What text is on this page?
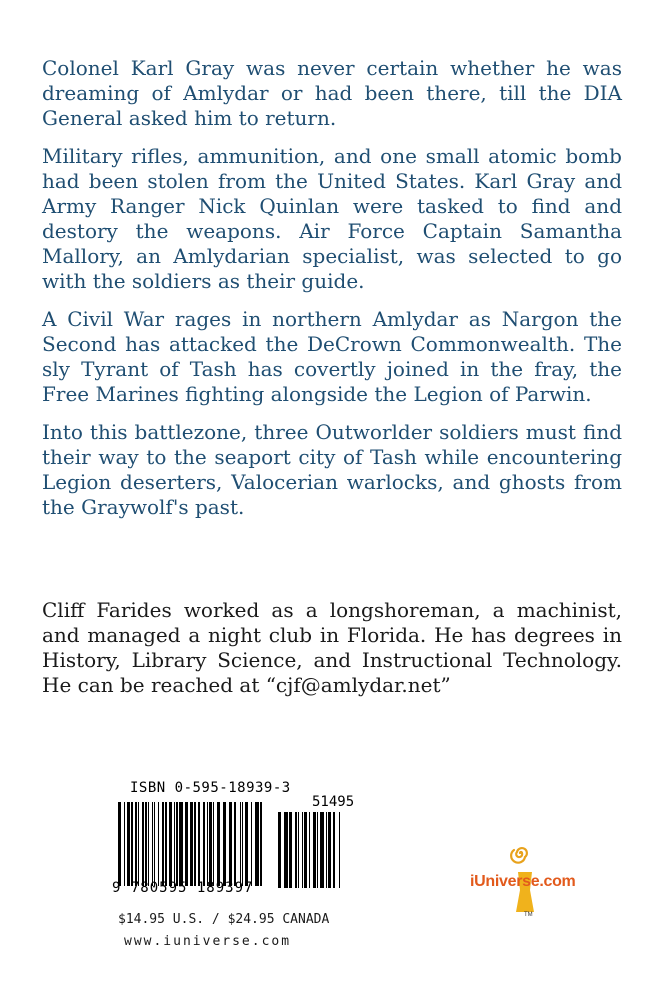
Colonel Karl Gray was never certain whether he was dreaming of Amlydar or had been there, till the DIA General asked him to return.

Military rifles, ammunition, and one small atomic bomb had been stolen from the United States. Karl Gray and Army Ranger Nick Quinlan were tasked to find and destory the weapons. Air Force Captain Samantha Mallory, an Amlydarian specialist, was selected to go with the soldiers as their guide.

A Civil War rages in northern Amlydar as Nargon the Second has attacked the DeCrown Commonwealth. The sly Tyrant of Tash has covertly joined in the fray, the Free Marines fighting alongside the Legion of Parwin.

Into this battlezone, three Outworlder soldiers must find their way to the seaport city of Tash while encountering Legion deserters, Valocerian warlocks, and ghosts from the Graywolf's past.

Cliff Farides worked as a longshoreman, a machinist, and managed a night club in Florida. He has degrees in History, Library Science, and Instructional Technology. He can be reached at “cjf@amlydar.net”

ISBN 0-595-18939-3
51495
9 780595 189397
$14.95 U.S. / $24.95 CANADA
www.iuniverse.com
iUniverse.com
TM
